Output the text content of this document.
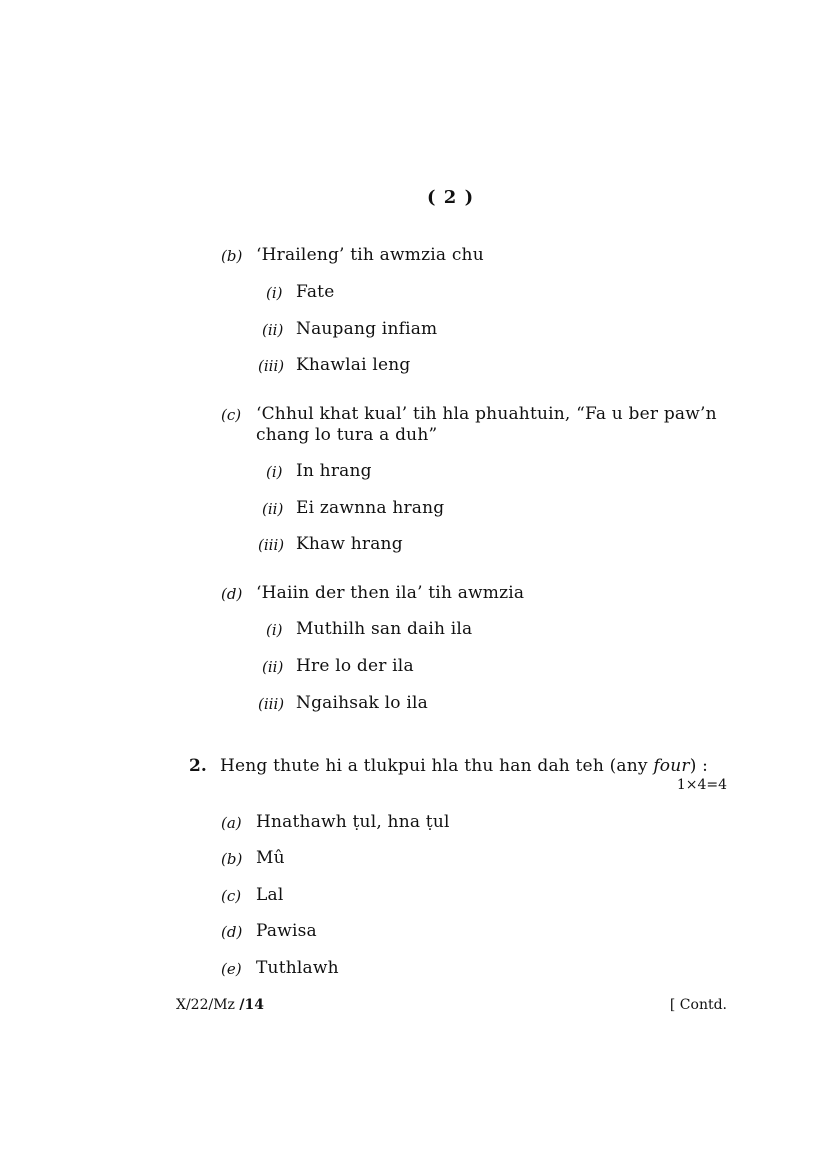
( 2 )
(b) ‘Hraileng’ tih awmzia chu
(i) Fate
(ii) Naupang infiam
(iii) Khawlai leng
(c) ‘Chhul khat kual’ tih hla phuahtuin, “Fa u ber paw’n
chang lo tura a duh”
(i) In hrang
(ii) Ei zawnna hrang
(iii) Khaw hrang
(d) ‘Haiin der then ila’ tih awmzia
(i) Muthilh san daih ila
(ii) Hre lo der ila
(iii) Ngaihsak lo ila
2. Heng thute hi a tlukpui hla thu han dah teh (any four) :
1×4=4
(a) Hnathawh ṭul, hna ṭul
(b) Mû
(c) Lal
(d) Pawisa
(e) Tuthlawh
X/22/Mz /14	[ Contd.
